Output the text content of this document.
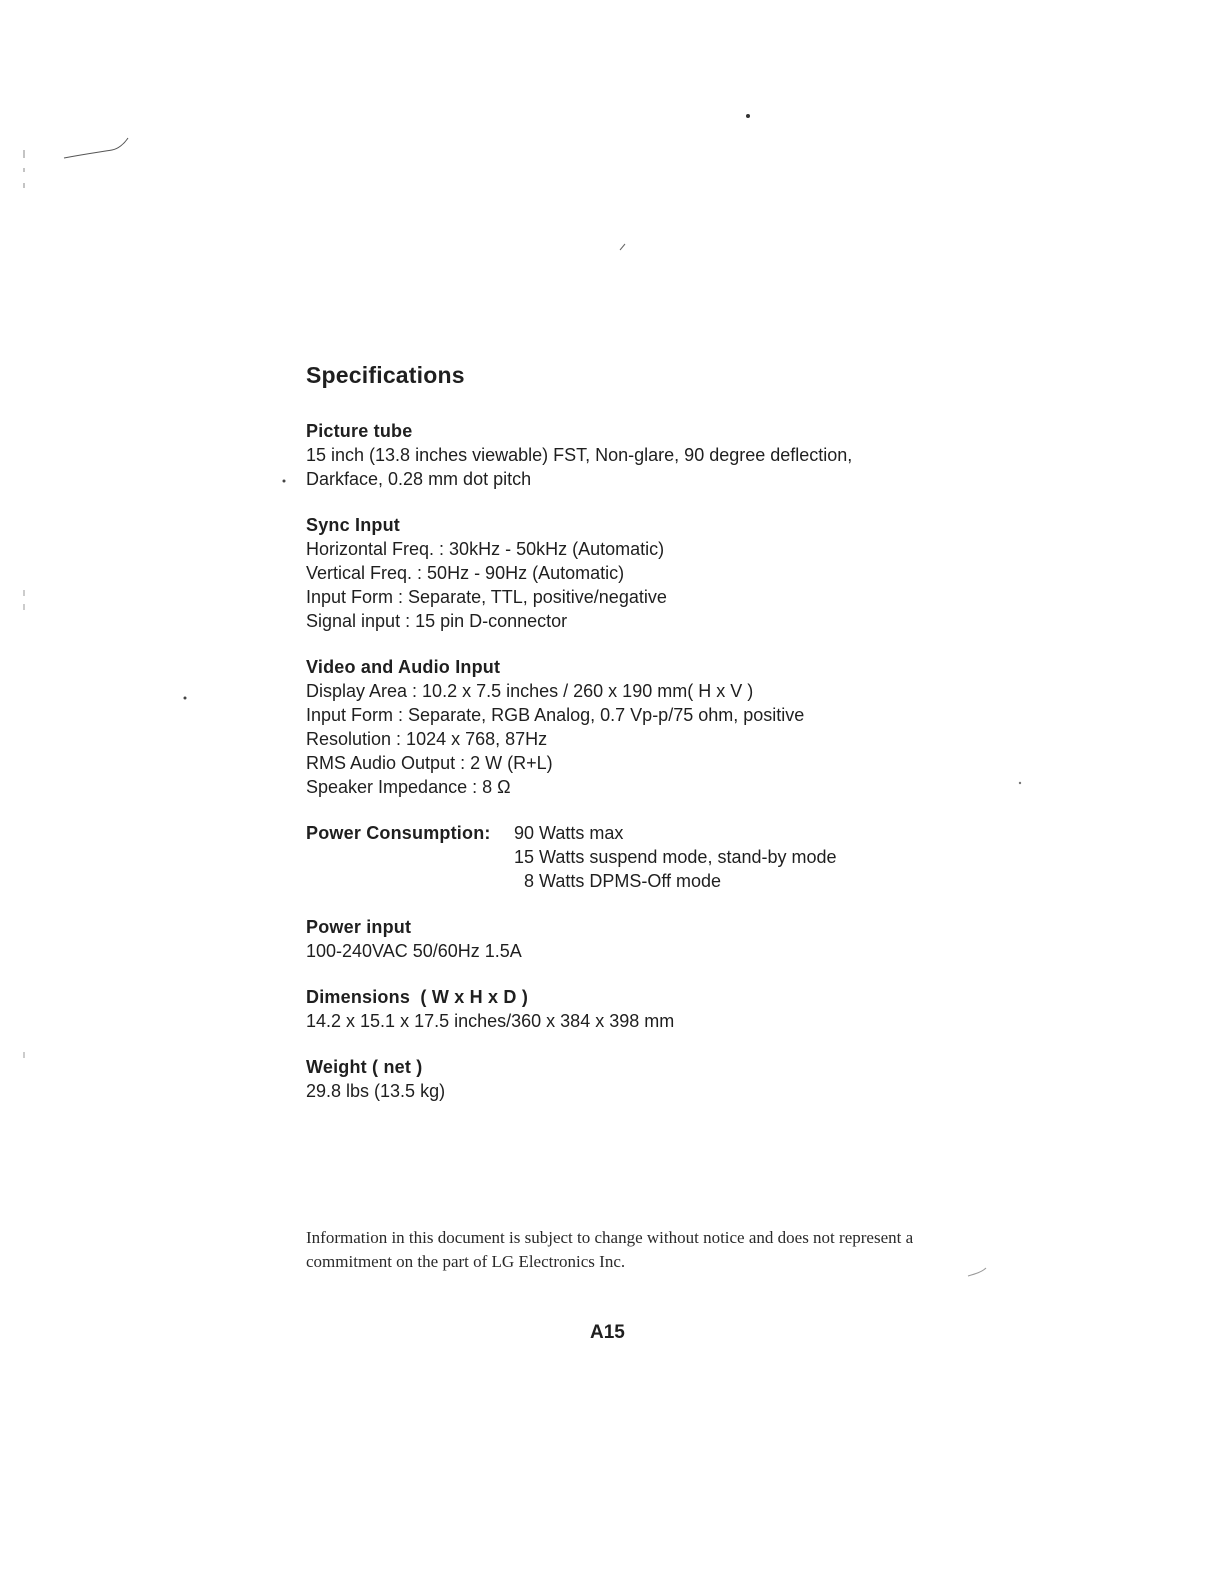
Specifications
Picture tube
15 inch (13.8 inches viewable) FST, Non-glare, 90 degree deflection,
Darkface, 0.28 mm dot pitch
Sync Input
Horizontal Freq. : 30kHz - 50kHz (Automatic)
Vertical Freq. : 50Hz - 90Hz (Automatic)
Input Form : Separate, TTL, positive/negative
Signal input : 15 pin D-connector
Video and Audio Input
Display Area : 10.2 x 7.5 inches / 260 x 190 mm( H x V )
Input Form : Separate, RGB Analog, 0.7 Vp-p/75 ohm, positive
Resolution : 1024 x 768, 87Hz
RMS Audio Output : 2 W (R+L)
Speaker Impedance : 8 Ω
Power Consumption:	90 Watts max
15 Watts suspend mode, stand-by mode
8 Watts DPMS-Off mode
Power input
100-240VAC 50/60Hz 1.5A
Dimensions  ( W x H x D )
14.2 x 15.1 x 17.5 inches/360 x 384 x 398 mm
Weight ( net )
29.8 lbs (13.5 kg)
Information in this document is subject to change without notice and does not represent a commitment on the part of LG Electronics Inc.
A15
